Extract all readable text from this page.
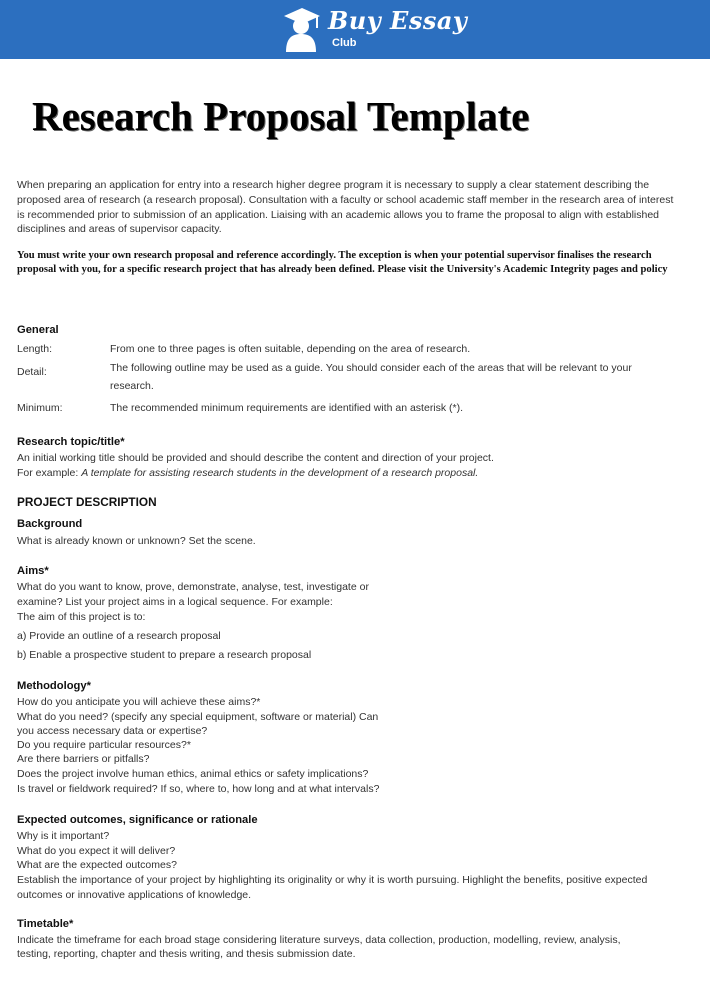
Buy Essay
Club
Research Proposal Template
When preparing an application for entry into a research higher degree program it is necessary to supply a clear statement describing the
proposed area of research (a research proposal). Consultation with a faculty or school academic staff member in the research area of interest
is recommended prior to submission of an application. Liaising with an academic allows you to frame the proposal to align with established
disciplines and areas of supervisor capacity.
You must write your own research proposal and reference accordingly. The exception is when your potential supervisor finalises the research
proposal with you, for a specific research project that has already been defined. Please visit the University's Academic Integrity pages and policy
General
Length:	From one to three pages is often suitable, depending on the area of research.
Detail:	The following outline may be used as a guide. You should consider each of the areas that will be relevant to your
research.
Minimum:	The recommended minimum requirements are identified with an asterisk (*).
Research topic/title*
An initial working title should be provided and should describe the content and direction of your project.
For example: A template for assisting research students in the development of a research proposal.
PROJECT DESCRIPTION
Background
What is already known or unknown? Set the scene.
Aims*
What do you want to know, prove, demonstrate, analyse, test, investigate or
examine? List your project aims in a logical sequence. For example:
The aim of this project is to:
a) Provide an outline of a research proposal
b) Enable a prospective student to prepare a research proposal
Methodology*
How do you anticipate you will achieve these aims?*
What do you need? (specify any special equipment, software or material) Can
you access necessary data or expertise?
Do you require particular resources?*
Are there barriers or pitfalls?
Does the project involve human ethics, animal ethics or safety implications?
Is travel or fieldwork required? If so, where to, how long and at what intervals?
Expected outcomes, significance or rationale
Why is it important?
What do you expect it will deliver?
What are the expected outcomes?
Establish the importance of your project by highlighting its originality or why it is worth pursuing. Highlight the benefits, positive expected
outcomes or innovative applications of knowledge.
Timetable*
Indicate the timeframe for each broad stage considering literature surveys, data collection, production, modelling, review, analysis,
testing, reporting, chapter and thesis writing, and thesis submission date.
